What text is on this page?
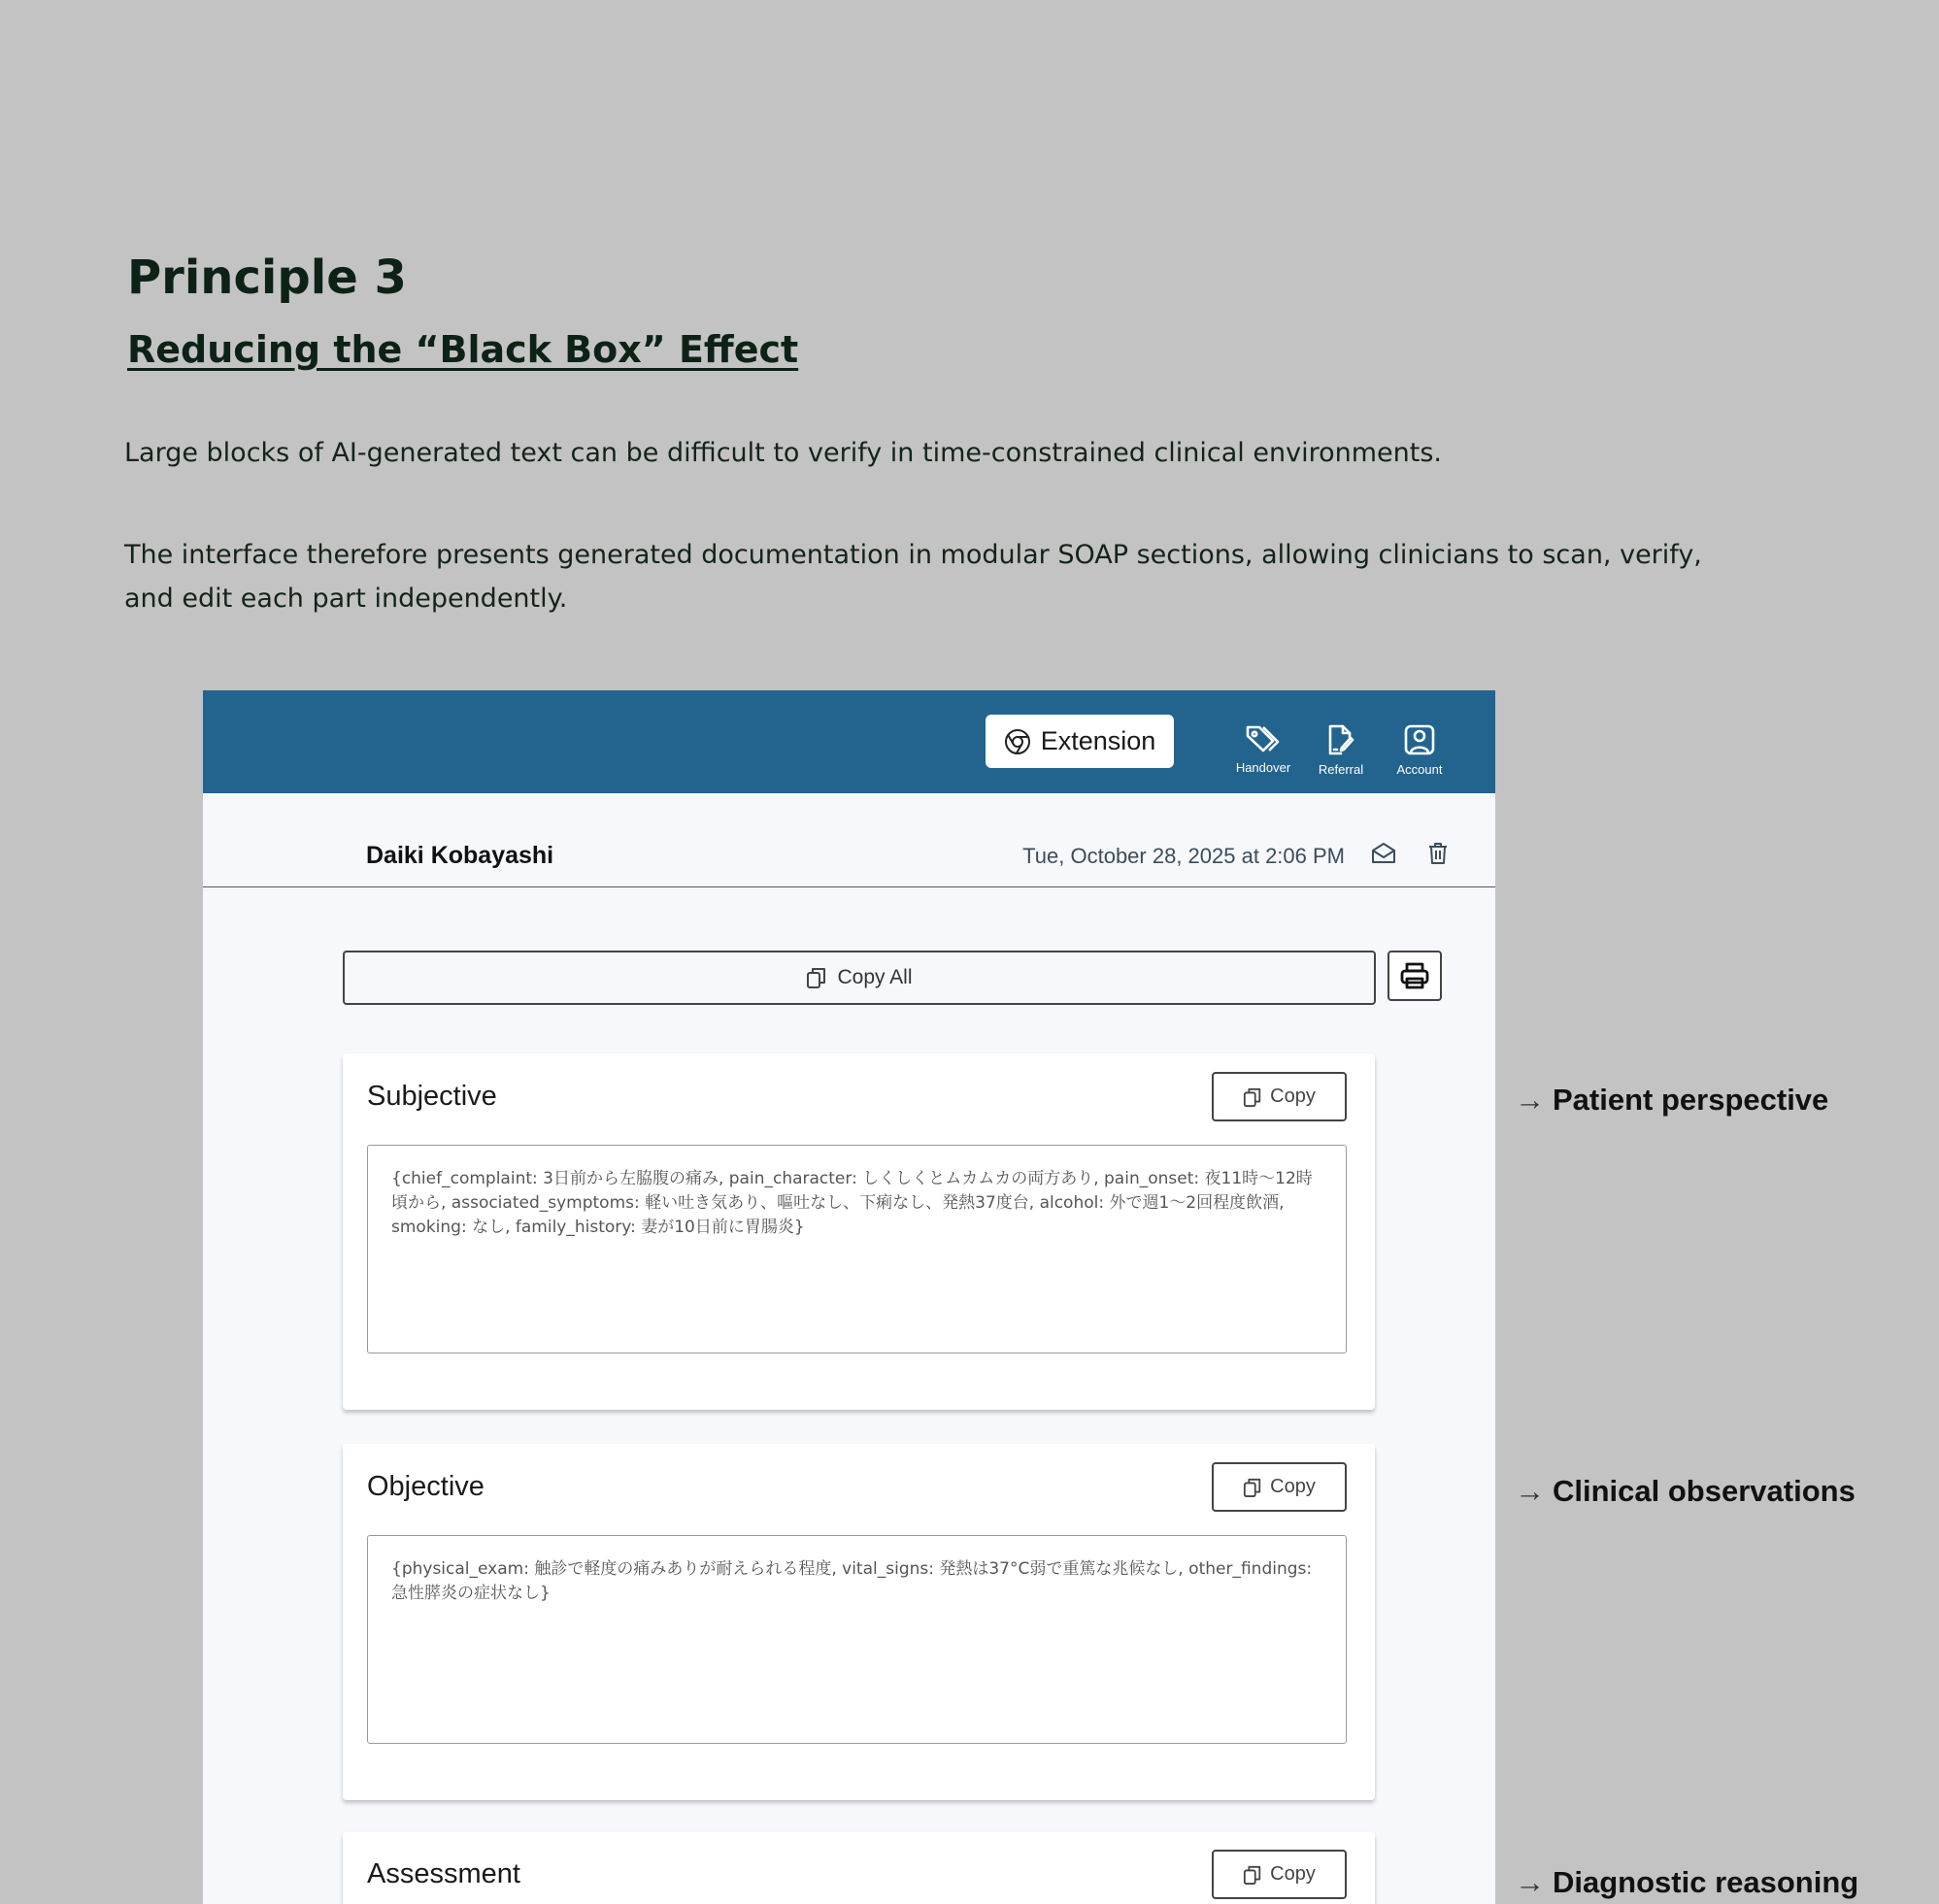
Principle 3
Reducing the “Black Box” Effect

Large blocks of AI-generated text can be difficult to verify in time-constrained clinical environments.

The interface therefore presents generated documentation in modular SOAP sections, allowing clinicians to scan, verify,
and edit each part independently.

Extension
Handover Referral	Account
Daiki Kobayashi	Tue, October 28, 2025 at 2:06 PM
Copy All
Subjective	Copy
{chief_complaint: 3日前から左脇腹の痛み, pain_character: しくしくとムカムカの両方あり, pain_onset: 夜11時〜12時頃から, associated_symptoms: 軽い吐き気あり、嘔吐なし、下痢なし、発熱37度台, alcohol: 外で週1〜2回程度飲酒, smoking: なし, family_history: 妻が10日前に胃腸炎}
Objective	Copy
{physical_exam: 触診で軽度の痛みありが耐えられる程度, vital_signs: 発熱は37°C弱で重篤な兆候なし, other_findings: 急性膵炎の症状なし}
Assessment	Copy
→ Patient perspective
→ Clinical observations
→ Diagnostic reasoning
